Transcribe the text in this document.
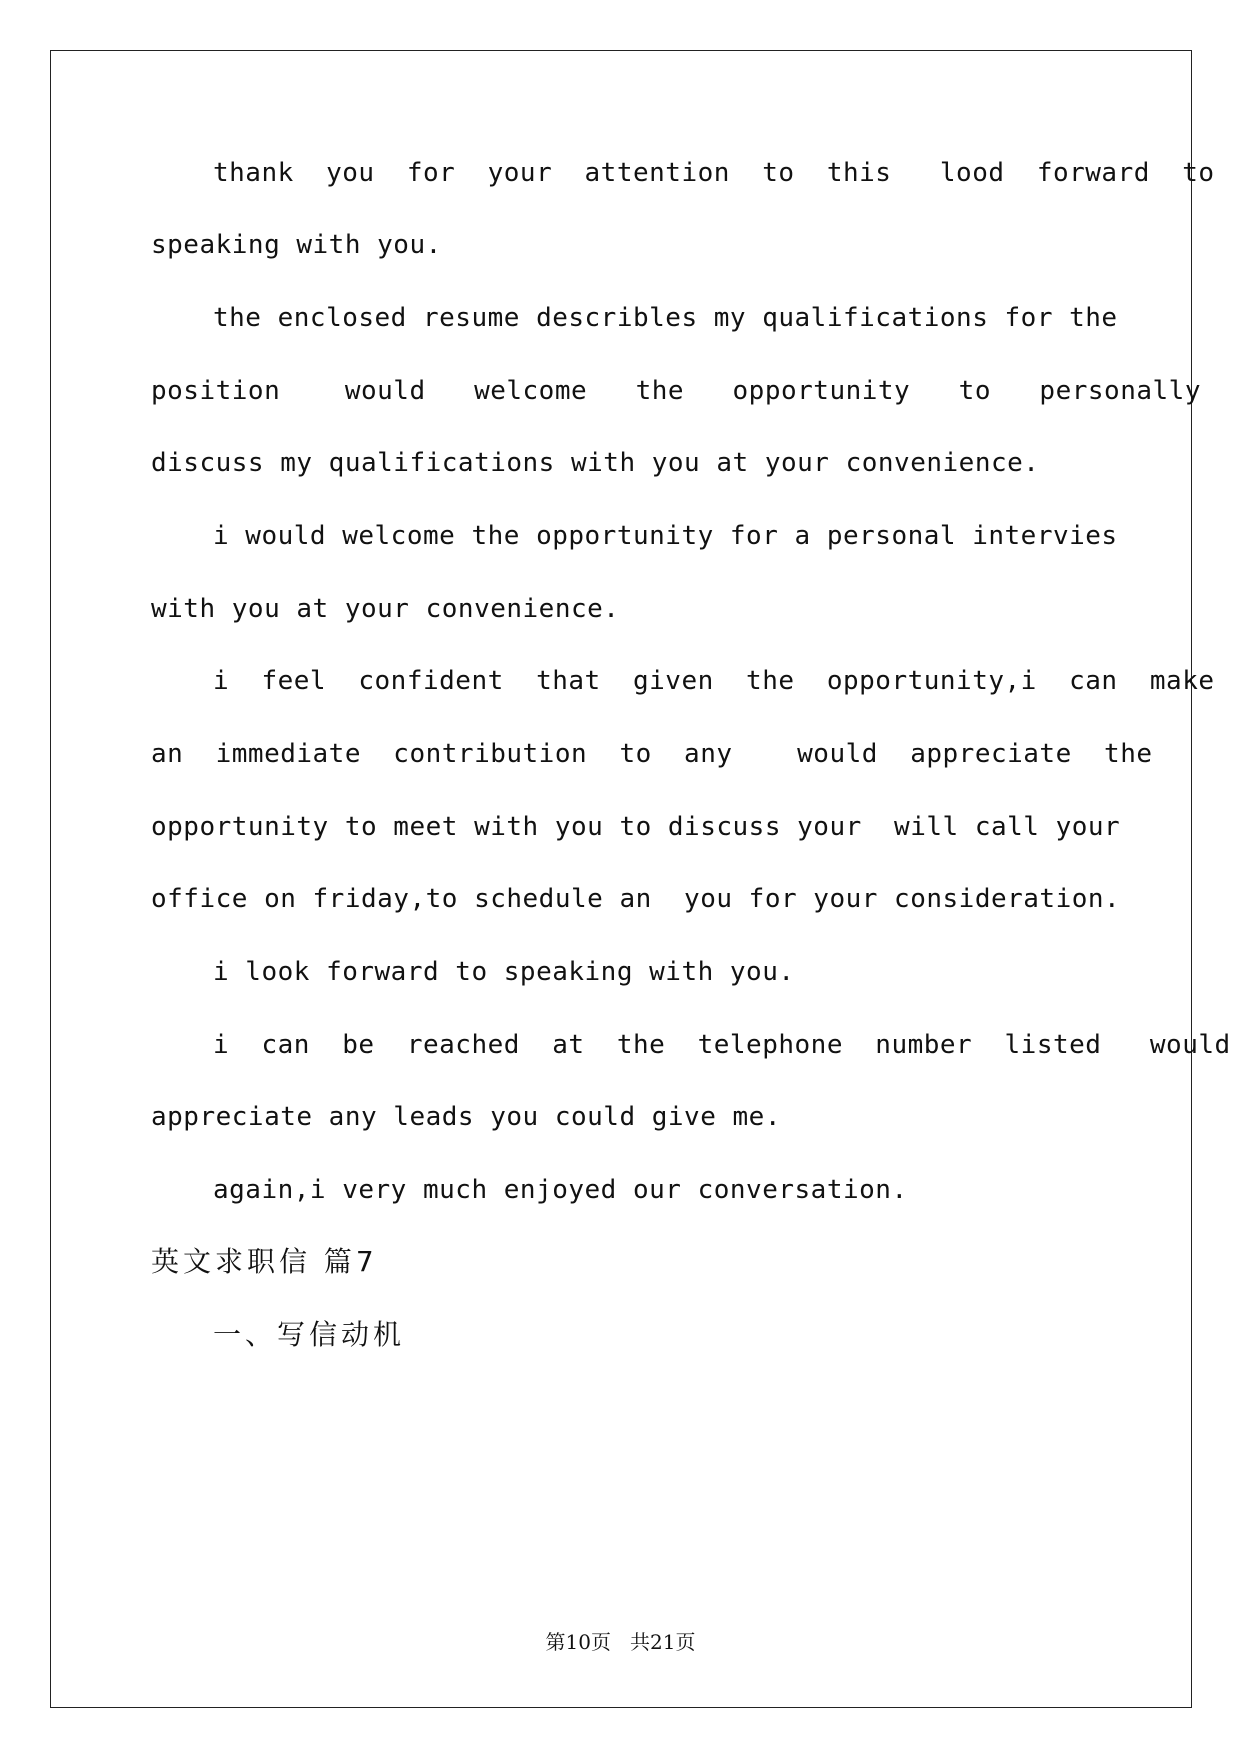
thank  you  for  your  attention  to  this   lood  forward  to
speaking with you.
the enclosed resume describles my qualifications for the
position    would   welcome   the   opportunity   to   personally
discuss my qualifications with you at your convenience.
i would welcome the opportunity for a personal intervies
with you at your convenience.
i  feel  confident  that  given  the  opportunity,i  can  make
an  immediate  contribution  to  any    would  appreciate  the
opportunity to meet with you to discuss your  will call your
office on friday,to schedule an  you for your consideration.
i look forward to speaking with you.
i  can  be  reached  at  the  telephone  number  listed   would
appreciate any leads you could give me.
again,i very much enjoyed our conversation.
英文求职信 篇7
一、写信动机
第10页   共21页
